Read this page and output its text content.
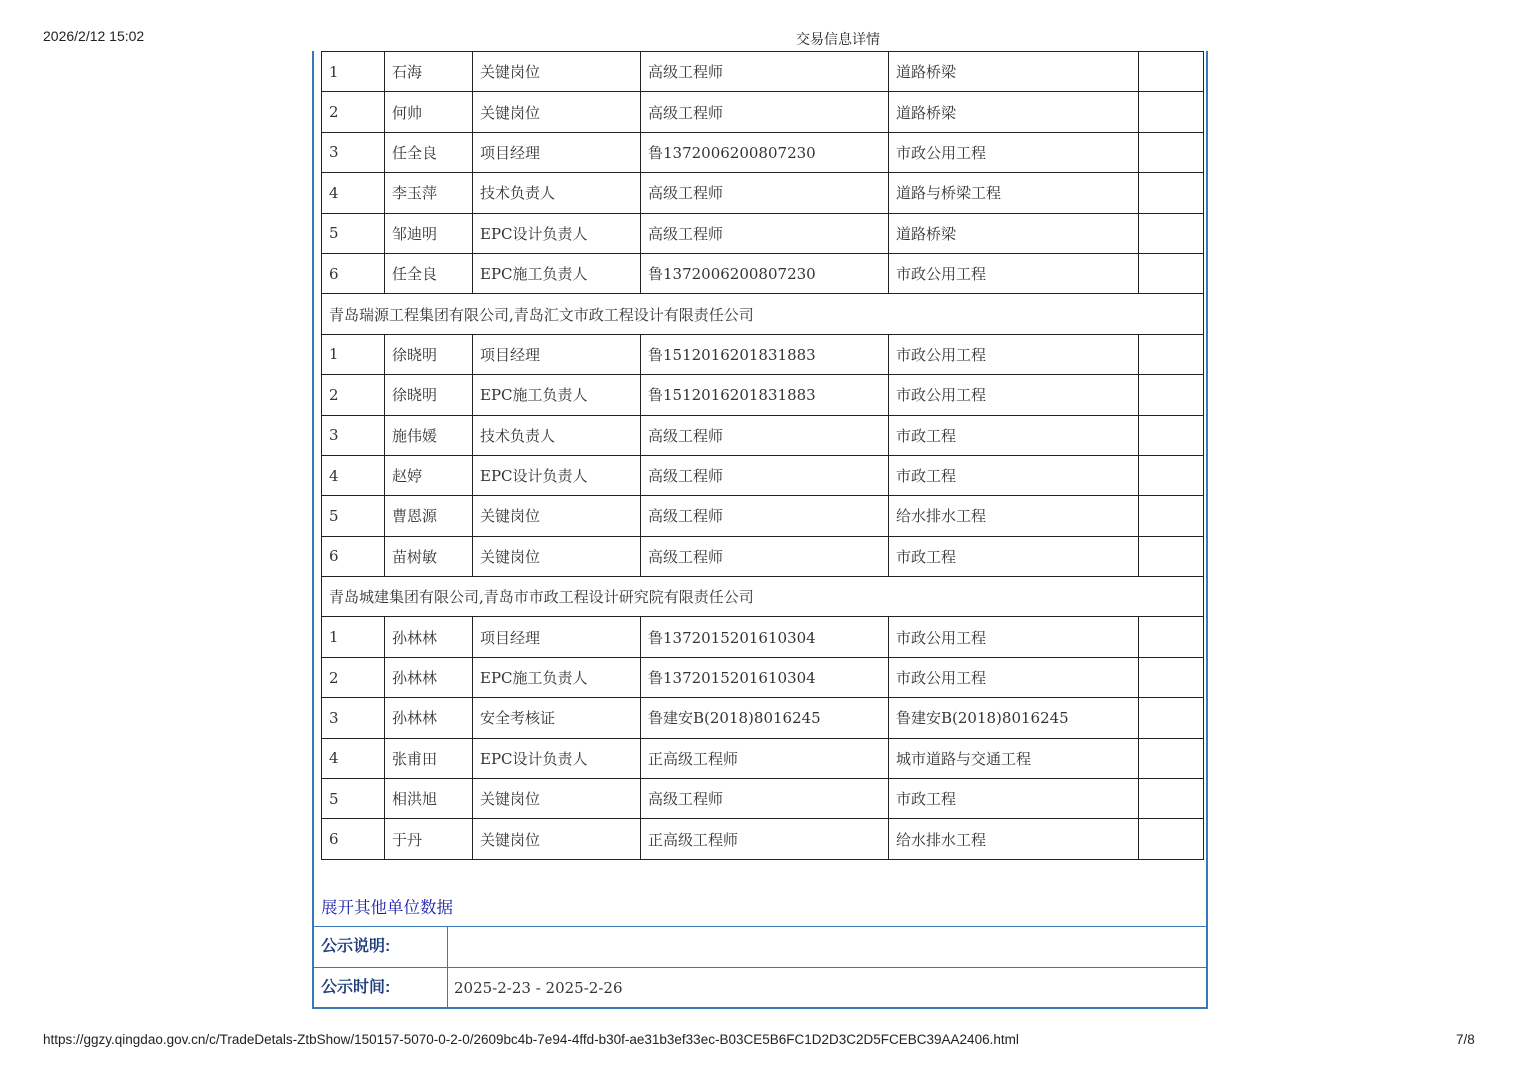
2026/2/12 15:02	交易信息详情
1	石海	关键岗位	高级工程师	道路桥梁	
2	何帅	关键岗位	高级工程师	道路桥梁	
3	任全良	项目经理	鲁1372006200807230	市政公用工程	
4	李玉萍	技术负责人	高级工程师	道路与桥梁工程	
5	邹迪明	EPC设计负责人	高级工程师	道路桥梁	
6	任全良	EPC施工负责人	鲁1372006200807230	市政公用工程	
青岛瑞源工程集团有限公司,青岛汇文市政工程设计有限责任公司					
1	徐晓明	项目经理	鲁1512016201831883	市政公用工程	
2	徐晓明	EPC施工负责人	鲁1512016201831883	市政公用工程	
3	施伟媛	技术负责人	高级工程师	市政工程	
4	赵婷	EPC设计负责人	高级工程师	市政工程	
5	曹恩源	关键岗位	高级工程师	给水排水工程	
6	苗树敏	关键岗位	高级工程师	市政工程	
青岛城建集团有限公司,青岛市市政工程设计研究院有限责任公司					
1	孙林林	项目经理	鲁1372015201610304	市政公用工程	
2	孙林林	EPC施工负责人	鲁1372015201610304	市政公用工程	
3	孙林林	安全考核证	鲁建安B(2018)8016245	鲁建安B(2018)8016245	
4	张甫田	EPC设计负责人	正高级工程师	城市道路与交通工程	
5	相洪旭	关键岗位	高级工程师	市政工程	
6	于丹	关键岗位	正高级工程师	给水排水工程	
展开其他单位数据
公示说明:
公示时间:	2025-2-23 - 2025-2-26
https://ggzy.qingdao.gov.cn/c/TradeDetals-ZtbShow/150157-5070-0-2-0/2609bc4b-7e94-4ffd-b30f-ae31b3ef33ec-B03CE5B6FC1D2D3C2D5FCEBC39AA2406.html	7/8
